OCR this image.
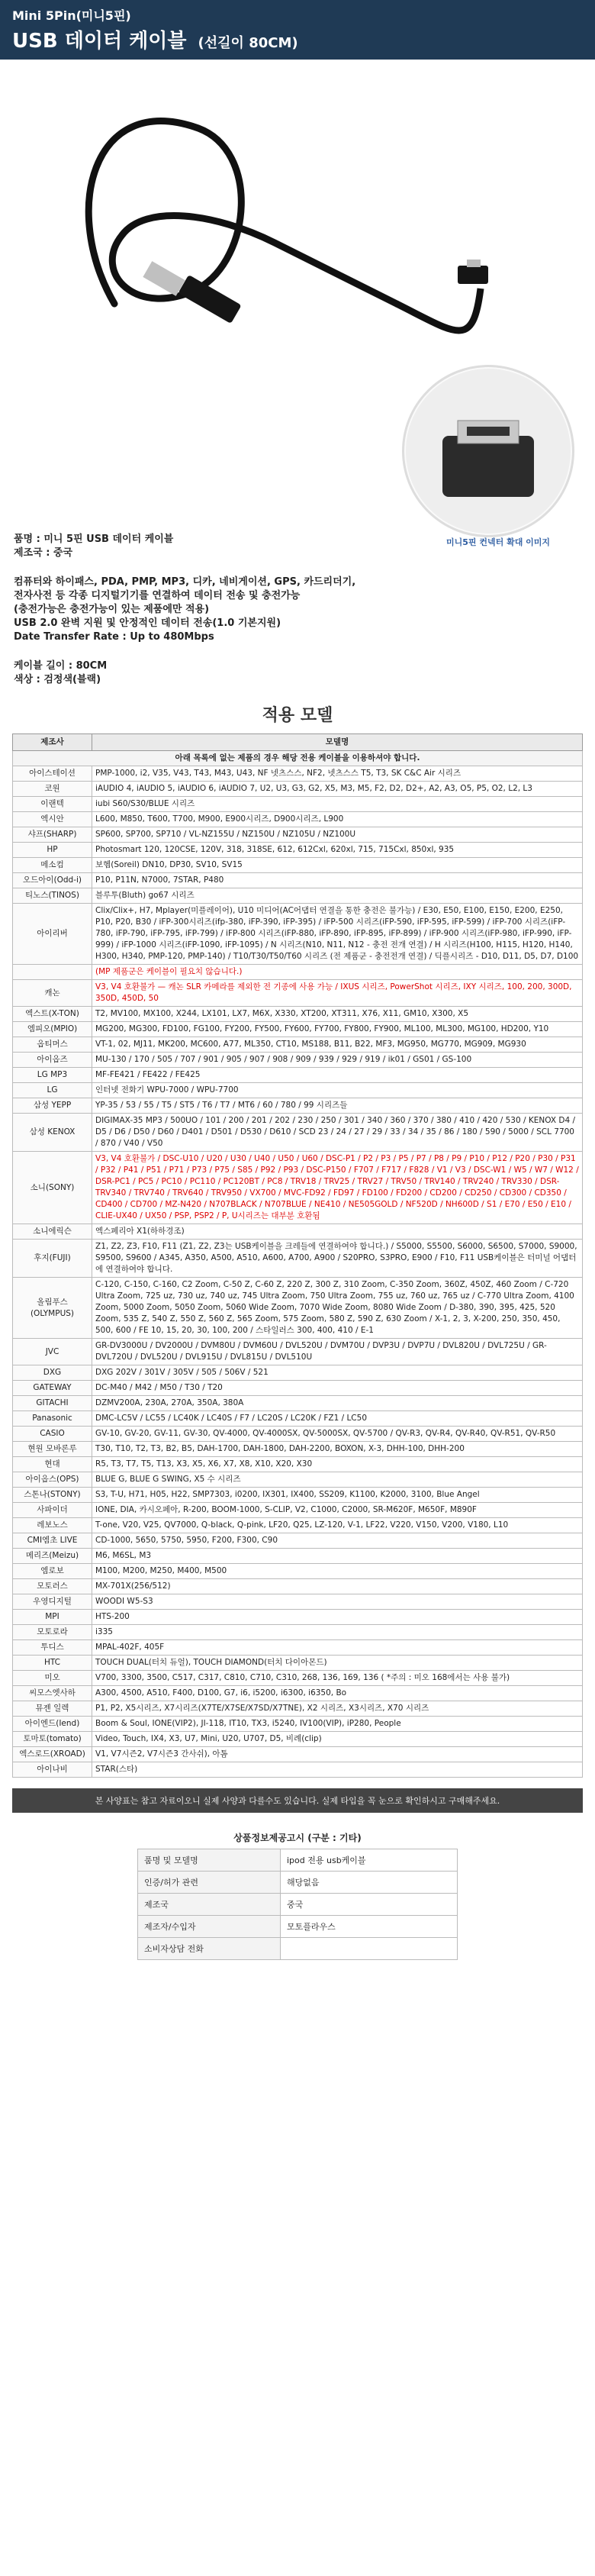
Mini 5Pin(미니5핀)
USB 데이터 케이블 (선길이 80CM)
미니5핀 컨넥터 확대 이미지
품명 : 미니 5핀 USB 데이터 케이블
제조국 : 중국
컴퓨터와 하이패스, PDA, PMP, MP3, 디카, 네비게이션, GPS, 카드리더기,
전자사전 등 각종 디지털기기를 연결하여 데이터 전송 및 충전가능
(충전가능은 충전가능이 있는 제품에만 적용)
USB 2.0 완벽 지원 및 안정적인 데이터 전송(1.0 기본지원)
Date Transfer Rate : Up to 480Mbps
케이블 길이 : 80CM
색상 : 검정색(블랙)
적용 모델
제조사	모델명
아래 목록에 없는 제품의 경우 해당 전용 케이블을 이용하셔야 합니다.	
아이스테이션	PMP-1000, i2, V35, V43, T43, M43, U43, NF 넷츠스스, NF2, 넷츠스스 T5, T3, SK C&C Air 시리즈
코원	iAUDIO 4, iAUDIO 5, iAUDIO 6, iAUDIO 7, U2, U3, G3, G2, X5, M3, M5, F2, D2, D2+, A2, A3, O5, P5, O2, L2, L3
이랜텍	iubi S60/S30/BLUE 시리즈
엑시안	L600, M850, T600, T700, M900, E900시리즈, D900시리즈, L900
샤프(SHARP)	SP600, SP700, SP710 / VL-NZ155U / NZ150U / NZ105U / NZ100U
HP	Photosmart 120, 120CSE, 120V, 318, 318SE, 612, 612Cxl, 620xl, 715, 715Cxl, 850xl, 935
메소컴	보헴(Soreil) DN10, DP30, SV10, SV15
오드아이(Odd-i)	P10, P11N, N7000, 7STAR, P480
티노스(TINOS)	블루투(Bluth) go67 시리즈
아이리버	Clix/Clix+, H7, Mplayer(미플레이어), U10 미디어(AC어댑터 연결을 통한 충전은 불가능) / E30, E50, E100, E150, E200, E250, P10, P20, B30 / iFP-300시리즈(ifp-380, iFP-390, iFP-395) / iFP-500 시리즈(iFP-590, iFP-595, iFP-599) / iFP-700 시리즈(iFP-780, iFP-790, iFP-795, iFP-799) / iFP-800 시리즈(iFP-880, iFP-890, iFP-895, iFP-899) / iFP-900 시리즈(iFP-980, iFP-990, iFP-999) / iFP-1000 시리즈(iFP-1090, iFP-1095) / N 시리즈(N10, N11, N12 - 충전 전개 연결) / H 시리즈(H100, H115, H120, H140, H300, H340, PMP-120, PMP-140) / T10/T30/T50/T60 시리즈 (전 제품군 - 충전전개 연결) / 딕플시리즈 - D10, D11, D5, D7, D100
	(MP 제품군은 케이블이 필요치 않습니다.)
캐논	V3, V4 호환불가 — 캐논 SLR 카메라를 제외한 전 기종에 사용 가능 / IXUS 시리즈, PowerShot 시리즈, IXY 시리즈, 100, 200, 300D, 350D, 450D, 50
엑스트(X-TON)	T2, MV100, MX100, X244, LX101, LX7, M6X, X330, XT200, XT311, X76, X11, GM10, X300, X5
엠피오(MPIO)	MG200, MG300, FD100, FG100, FY200, FY500, FY600, FY700, FY800, FY900, ML100, ML300, MG100, HD200, Y10
옵티머스	VT-1, 02, MJ11, MK200, MC600, A77, ML350, CT10, MS188, B11, B22, MF3, MG950, MG770, MG909, MG930
아이옵즈	MU-130 / 170 / 505 / 707 / 901 / 905 / 907 / 908 / 909 / 939 / 929 / 919 / ik01 / GS01 / GS-100
LG MP3	MF-FE421 / FE422 / FE425
LG	인터넷 전화기 WPU-7000 / WPU-7700
삼성 YEPP	YP-35 / 53 / 55 / T5 / ST5 / T6 / T7 / MT6 / 60 / 780 / 99 시리즈들
삼성 KENOX	DIGIMAX-35 MP3 / 500UO / 101 / 200 / 201 / 202 / 230 / 250 / 301 / 340 / 360 / 370 / 380 / 410 / 420 / 530 / KENOX D4 / D5 / D6 / D50 / D60 / D401 / D501 / D530 / D610 / SCD 23 / 24 / 27 / 29 / 33 / 34 / 35 / 86 / 180 / 590 / 5000 / SCL 7700 / 870 / V40 / V50
소니(SONY)	V3, V4 호환불가 / DSC-U10 / U20 / U30 / U40 / U50 / U60 / DSC-P1 / P2 / P3 / P5 / P7 / P8 / P9 / P10 / P12 / P20 / P30 / P31 / P32 / P41 / P51 / P71 / P73 / P75 / S85 / P92 / P93 / DSC-P150 / F707 / F717 / F828 / V1 / V3 / DSC-W1 / W5 / W7 / W12 / DSR-PC1 / PC5 / PC10 / PC110 / PC120BT / PC8 / TRV18 / TRV25 / TRV27 / TRV50 / TRV140 / TRV240 / TRV330 / DSR-TRV340 / TRV740 / TRV640 / TRV950 / VX700 / MVC-FD92 / FD97 / FD100 / FD200 / CD200 / CD250 / CD300 / CD350 / CD400 / CD700 / MZ-N420 / N707BLACK / N707BLUE / NE410 / NE505GOLD / NF520D / NH600D / S1 / E70 / E50 / E10 / CLIE-UX40 / UX50 / PSP, PSP2 / P, U시리즈는 대부분 호환됨
소니에릭슨	엑스페리아 X1(하하경조)
후지(FUJI)	Z1, Z2, Z3, F10, F11 (Z1, Z2, Z3는 USB케이블을 크레들에 연결하여야 합니다.) / S5000, S5500, S6000, S6500, S7000, S9000, S9500, S9600 / A345, A350, A500, A510, A600, A700, A900 / S20PRO, S3PRO, E900 / F10, F11 USB케이블은 터미널 어댑터에 연결하여야 합니다.
올림푸스(OLYMPUS)	C-120, C-150, C-160, C2 Zoom, C-50 Z, C-60 Z, 220 Z, 300 Z, 310 Zoom, C-350 Zoom, 360Z, 450Z, 460 Zoom / C-720 Ultra Zoom, 725 uz, 730 uz, 740 uz, 745 Ultra Zoom, 750 Ultra Zoom, 755 uz, 760 uz, 765 uz / C-770 Ultra Zoom, 4100 Zoom, 5000 Zoom, 5050 Zoom, 5060 Wide Zoom, 7070 Wide Zoom, 8080 Wide Zoom / D-380, 390, 395, 425, 520 Zoom, 535 Z, 540 Z, 550 Z, 560 Z, 565 Zoom, 575 Zoom, 580 Z, 590 Z, 630 Zoom / X-1, 2, 3, X-200, 250, 350, 450, 500, 600 / FE 10, 15, 20, 30, 100, 200 / 스타일러스 300, 400, 410 / E-1
JVC	GR-DV3000U / DV2000U / DVM80U / DVM60U / DVL520U / DVM70U / DVP3U / DVP7U / DVL820U / DVL725U / GR-DVL720U / DVL520U / DVL915U / DVL815U / DVL510U
DXG	DXG 202V / 301V / 305V / 505 / 506V / 521
GATEWAY	DC-M40 / M42 / M50 / T30 / T20
GITACHI	DZMV200A, 230A, 270A, 350A, 380A
Panasonic	DMC-LC5V / LC55 / LC40K / LC40S / F7 / LC20S / LC20K / FZ1 / LC50
CASIO	GV-10, GV-20, GV-11, GV-30, QV-4000, QV-4000SX, QV-5000SX, QV-5700 / QV-R3, QV-R4, QV-R40, QV-R51, QV-R50
현원 모바론루	T30, T10, T2, T3, B2, B5, DAH-1700, DAH-1800, DAH-2200, BOXON, X-3, DHH-100, DHH-200
현대	R5, T3, T7, T5, T13, X3, X5, X6, X7, X8, X10, X20, X30
아이옵스(OPS)	BLUE G, BLUE G SWING, X5 수 시리즈
스톤나(STONY)	S3, T-U, H71, H05, H22, SMP7303, i0200, IX301, IX400, SS209, K1100, K2000, 3100, Blue Angel
사파이더	IONE, DIA, 카시오페아, R-200, BOOM-1000, S-CLIP, V2, C1000, C2000, SR-M620F, M650F, M890F
레보노스	T-one, V20, V25, QV7000, Q-black, Q-pink, LF20, Q25, LZ-120, V-1, LF22, V220, V150, V200, V180, L10
CMI엠초 LIVE	CD-1000, 5650, 5750, 5950, F200, F300, C90
메리즈(Meizu)	M6, M6SL, M3
엠로보	M100, M200, M250, M400, M500
모토러스	MX-701X(256/512)
우영디지털	WOODI W5-S3
MPI	HTS-200
모토로라	i335
투디스	MPAL-402F, 405F
HTC	TOUCH DUAL(터치 듀얼), TOUCH DIAMOND(터치 다이아몬드)
미오	V700, 3300, 3500, C517, C317, C810, C710, C310, 268, 136, 169, 136 ( *주의 : 미오 168에서는 사용 불가)
씨모스엣사하	A300, 4500, A510, F400, D100, G7, i6, i5200, i6300, i6350, Bo
뮤젠 일렉	P1, P2, X5시리즈, X7시리즈(X7TE/X7SE/X7SD/X7TNE), X2 시리즈, X3시리즈, X70 시리즈
아이엔드(Iend)	Boom & Soul, IONE(VIP2), JI-118, IT10, TX3, i5240, IV100(VIP), iP280, People
토마토(tomato)	Video, Touch, IX4, X3, U7, Mini, U20, U707, D5, 비례(clip)
엑스로드(XROAD)	V1, V7시즌2, V7시즌3 간사쉬), 아톰
아이나비	STAR(스타)
본 사양표는 참고 자료이오니 실제 사양과 다를수도 있습니다. 실제 타입을 꼭 눈으로 확인하시고 구매해주세요.
상품정보제공고시 (구분 : 기타)
품명 및 모델명	ipod 전용 usb케이블
인증/허가 관련	해당없음
제조국	중국
제조자/수입자	모토플라우스
소비자상담 전화	
